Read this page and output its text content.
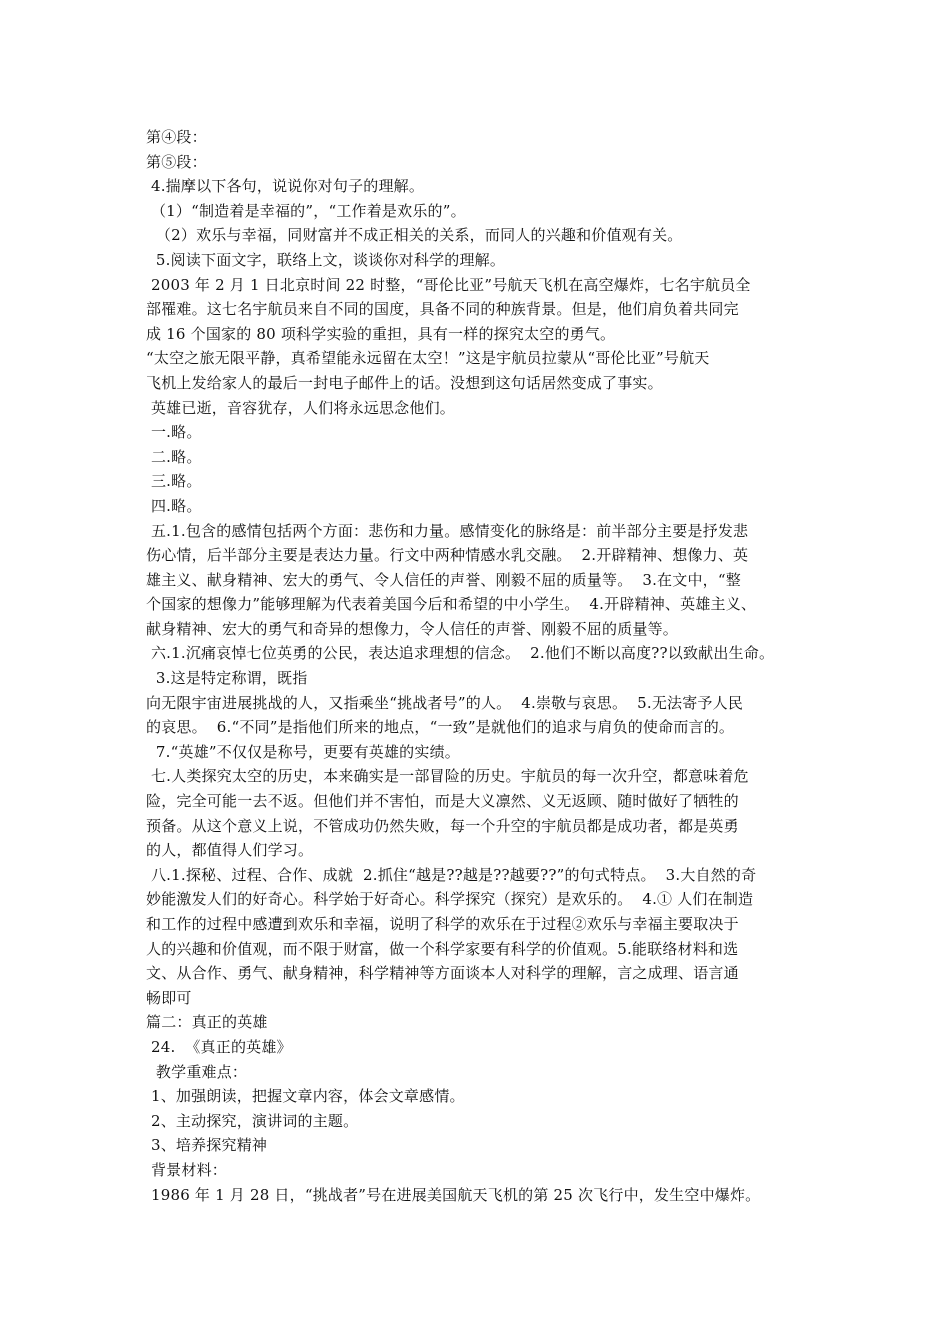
第④段：
第⑤段：
4.揣摩以下各句，说说你对句子的理解。
（1）“制造着是幸福的”，“工作着是欢乐的”。
（2）欢乐与幸福，同财富并不成正相关的关系，而同人的兴趣和价值观有关。
5.阅读下面文字，联络上文，谈谈你对科学的理解。
2003 年 2 月 1 日北京时间 22 时整，“哥伦比亚”号航天飞机在高空爆炸，七名宇航员全
部罹难。这七名宇航员来自不同的国度，具备不同的种族背景。但是，他们肩负着共同完
成 16 个国家的 80 项科学实验的重担，具有一样的探究太空的勇气。
“太空之旅无限平静，真希望能永远留在太空！”这是宇航员拉蒙从“哥伦比亚”号航天
飞机上发给家人的最后一封电子邮件上的话。没想到这句话居然变成了事实。
英雄已逝，音容犹存，人们将永远思念他们。
一.略。
二.略。
三.略。
四.略。
五.1.包含的感情包括两个方面：悲伤和力量。感情变化的脉络是：前半部分主要是抒发悲
伤心情，后半部分主要是表达力量。行文中两种情感水乳交融。  2.开辟精神、想像力、英
雄主义、献身精神、宏大的勇气、令人信任的声誉、刚毅不屈的质量等。  3.在文中，“整
个国家的想像力”能够理解为代表着美国今后和希望的中小学生。  4.开辟精神、英雄主义、
献身精神、宏大的勇气和奇异的想像力，令人信任的声誉、刚毅不屈的质量等。
六.1.沉痛哀悼七位英勇的公民，表达追求理想的信念。  2.他们不断以高度??以致献出生命。
3.这是特定称谓，既指
向无限宇宙进展挑战的人，又指乘坐“挑战者号”的人。  4.崇敬与哀思。  5.无法寄予人民
的哀思。  6.“不同”是指他们所来的地点，“一致”是就他们的追求与肩负的使命而言的。
7.“英雄”不仅仅是称号，更要有英雄的实绩。
七.人类探究太空的历史，本来确实是一部冒险的历史。宇航员的每一次升空，都意味着危
险，完全可能一去不返。但他们并不害怕，而是大义凛然、义无返顾、随时做好了牺牲的
预备。从这个意义上说，不管成功仍然失败，每一个升空的宇航员都是成功者，都是英勇
的人，都值得人们学习。
八.1.探秘、过程、合作、成就  2.抓住“越是??越是??越要??”的句式特点。  3.大自然的奇
妙能激发人们的好奇心。科学始于好奇心。科学探究（探究）是欢乐的。  4.① 人们在制造
和工作的过程中感遭到欢乐和幸福，说明了科学的欢乐在于过程②欢乐与幸福主要取决于
人的兴趣和价值观，而不限于财富，做一个科学家要有科学的价值观。5.能联络材料和选
文、从合作、勇气、献身精神，科学精神等方面谈本人对科学的理解，言之成理、语言通
畅即可
篇二：真正的英雄
24.  《真正的英雄》
教学重难点：
1、加强朗读，把握文章内容，体会文章感情。
2、主动探究，演讲词的主题。
3、培养探究精神
背景材料：
1986 年 1 月 28 日，“挑战者”号在进展美国航天飞机的第 25 次飞行中，发生空中爆炸。
